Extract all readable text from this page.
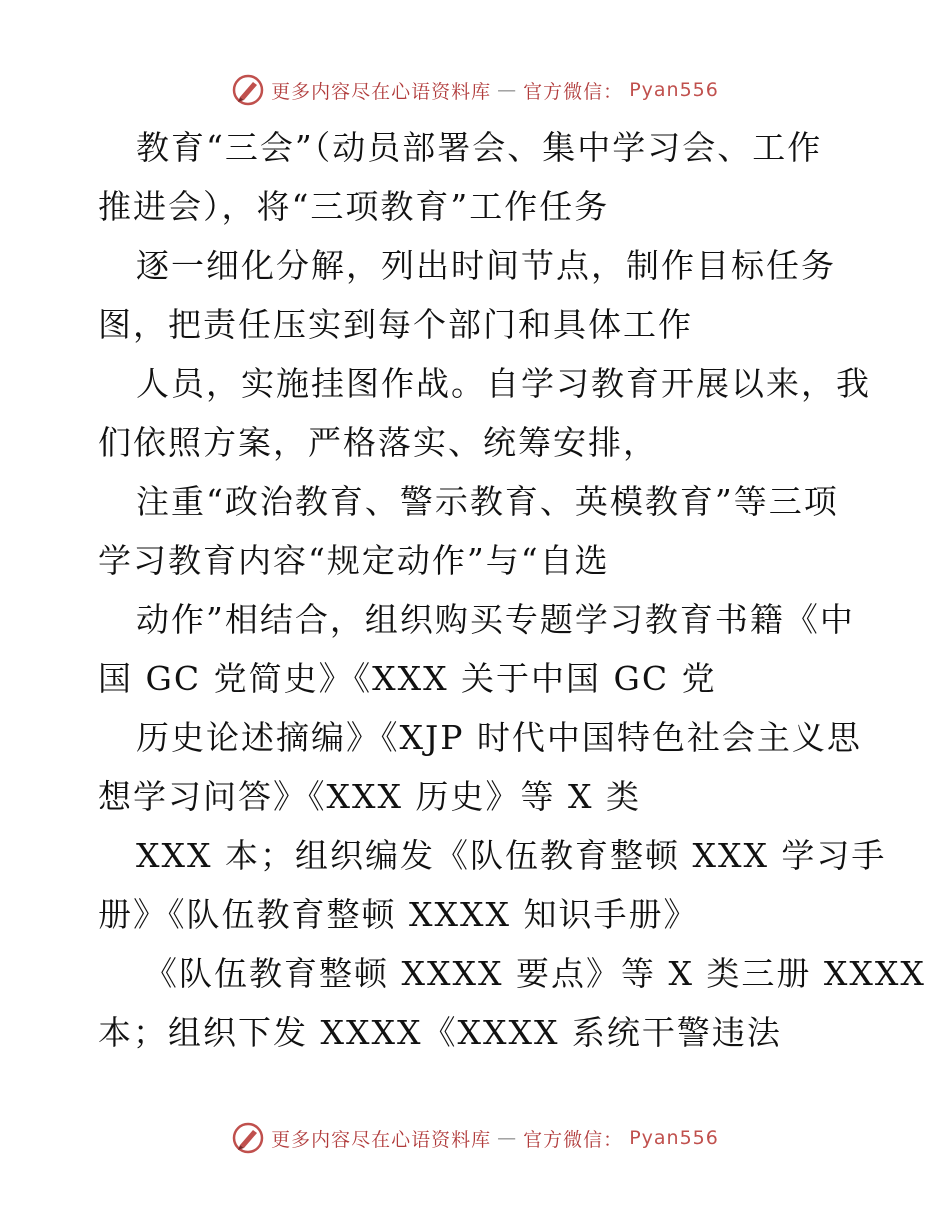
更多内容尽在心语资料库 — 官方微信： Pyan556
教育“三会”（动员部署会、集中学习会、工作
推进会），将“三项教育”工作任务
逐一细化分解，列出时间节点，制作目标任务
图，把责任压实到每个部门和具体工作
人员，实施挂图作战。自学习教育开展以来，我
们依照方案，严格落实、统筹安排，
注重“政治教育、警示教育、英模教育”等三项
学习教育内容“规定动作”与“自选
动作”相结合，组织购买专题学习教育书籍《中
国 GC 党简史》《XXX 关于中国 GC 党
历史论述摘编》《XJP 时代中国特色社会主义思
想学习问答》《XXX 历史》等 X 类
XXX 本；组织编发《队伍教育整顿 XXX 学习手
册》《队伍教育整顿 XXXX 知识手册》
《队伍教育整顿 XXXX 要点》等 X 类三册 XXXX
本；组织下发 XXXX《XXXX 系统干警违法
更多内容尽在心语资料库 — 官方微信： Pyan556
